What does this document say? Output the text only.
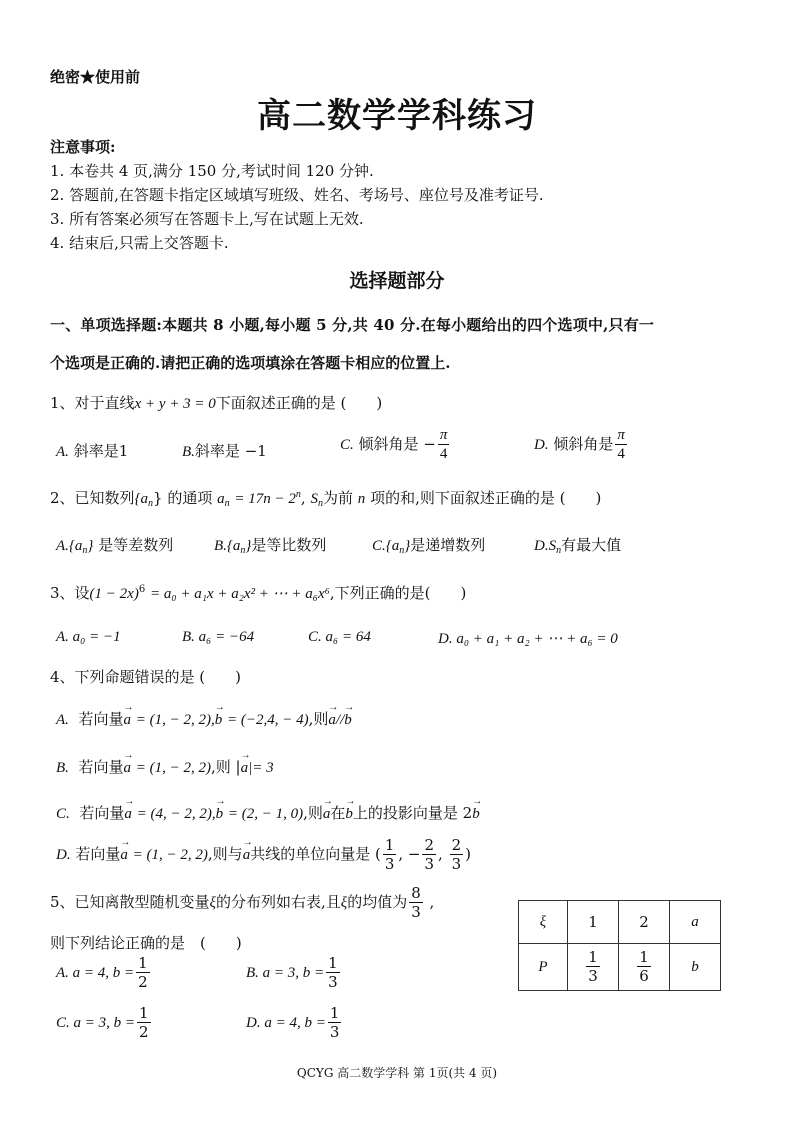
绝密★使用前
高二数学学科练习
注意事项:
1. 本卷共 4 页,满分 150 分,考试时间 120 分钟.
2. 答题前,在答题卡指定区域填写班级、姓名、考场号、座位号及准考证号.
3. 所有答案必须写在答题卡上,写在试题上无效.
4. 结束后,只需上交答题卡.
选择题部分
一、单项选择题:本题共 8 小题,每小题 5 分,共 40 分.在每小题给出的四个选项中,只有一
个选项是正确的.请把正确的选项填涂在答题卡相应的位置上.
1、对于直线x + y + 3 = 0下面叙述正确的是 (　　)
A. 斜率是1	B.斜率是 −1	C. 倾斜角是 − $\frac{\pi}{4}$	D. 倾斜角是 $\frac{\pi}{4}$
2、已知数列$\{a_n\}$ 的通项 $a_n = 17n - 2^n$, $S_n$为前 n 项的和,则下面叙述正确的是 (　　)
$A.\{a_n\}$ 是等差数列	$B.\{a_n\}$是等比数列	$C.\{a_n\}$是递增数列	$D.S_n$有最大值
3、设$(1 - 2x)^6 = a_0 + a_1x + a_2x^2$ + ⋯ + a₆x⁶,下列正确的是(　　)
A. a₀ = −1	B. a₆ = −64	C. a₆ = 64	D. a₀ + a₁ + a₂ + ⋯ + a₆ = 0
4、下列命题错误的是 (　　)
A. 若向量→ a = (1, − 2, 2),→ b = (−2,4, − 4),则→ a//→ b
B. 若向量→ a = (1, − 2, 2),则 |→ a|= 3
C. 若向量→ a = (4, − 2, 2),→ b = (2, − 1, 0),则→ a在→ b上的投影向量是 2→ b
D. 若向量→ a = (1, − 2, 2),则与→ a共线的单位向量是 ( $\frac{1}{3}$ , − $\frac{2}{3}$ , $\frac{2}{3}$ )
5、已知离散型随机变量ξ的分布列如右表,且ξ的均值为 $\frac{8}{3}$ ,
则下列结论正确的是　(　　)
A. a = 4, $b = \frac{1}{2}$	B. a = 3, $b = \frac{1}{3}$
C. a = 3, $b = \frac{1}{2}$	D. a = 4, $b = \frac{1}{3}$
ξ	1	2	a
P	$\frac{1}{3}$	$\frac{1}{6}$	b
QCYG 高二数学学科 第 1页(共 4 页)
